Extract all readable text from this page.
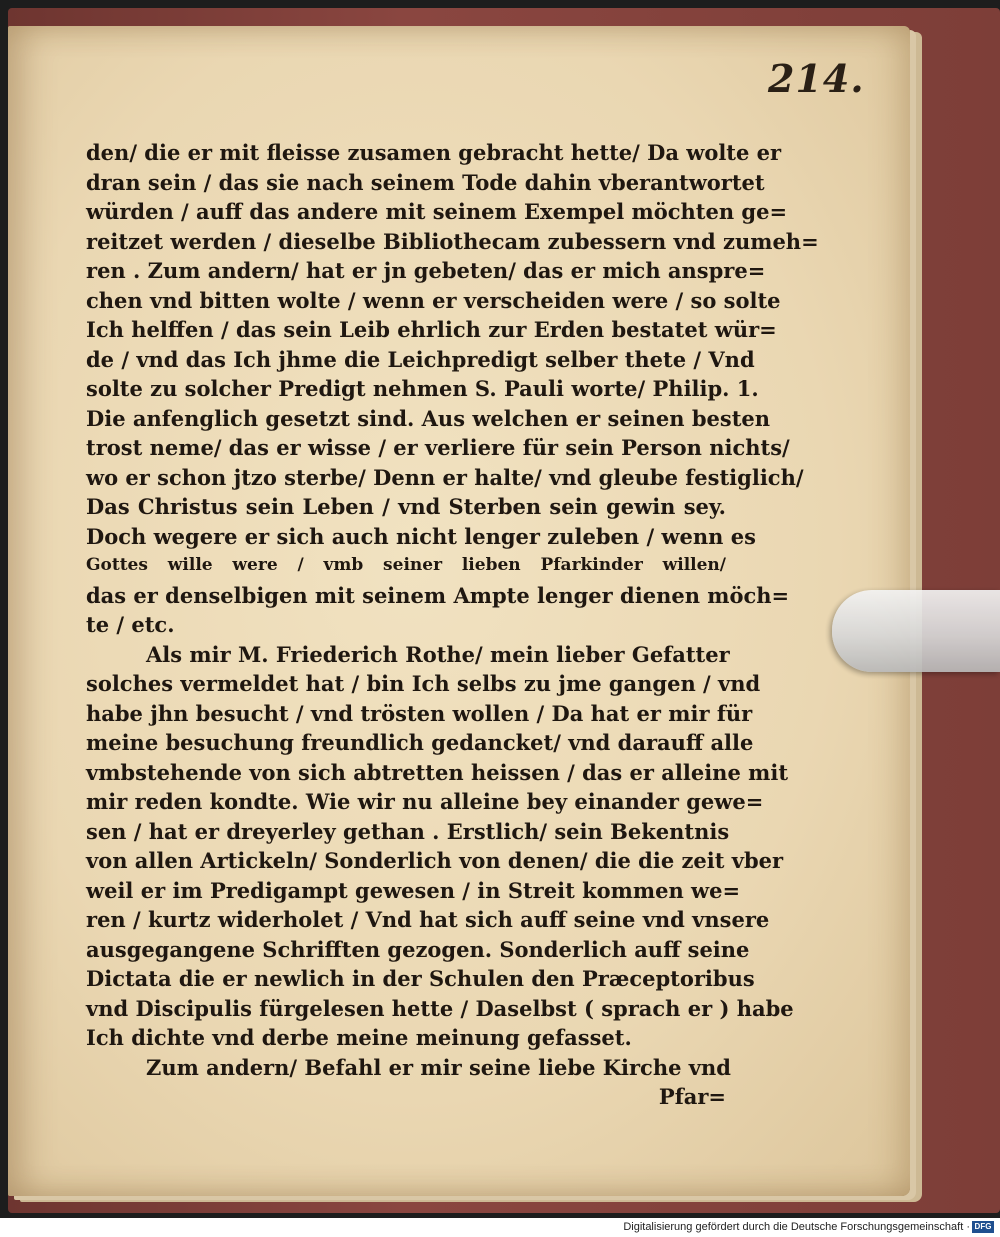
214.
den/ die er mit fleisse zusamen gebracht hette/ Da wolte er
dran sein / das sie nach seinem Tode dahin vberantwortet
würden / auff das andere mit seinem Exempel möchten ge=
reitzet werden / dieselbe Bibliothecam zubessern vnd zumeh=
ren . Zum andern/ hat er jn gebeten/ das er mich anspre=
chen vnd bitten wolte / wenn er verscheiden were / so solte
Ich helffen / das sein Leib ehrlich zur Erden bestatet wür=
de / vnd das Ich jhme die Leichpredigt selber thete / Vnd
solte zu solcher Predigt nehmen S. Pauli worte/ Philip. 1.
Die anfenglich gesetzt sind. Aus welchen er seinen besten
trost neme/ das er wisse / er verliere für sein Person nichts/
wo er schon jtzo sterbe/ Denn er halte/ vnd gleube festiglich/
Das Christus sein Leben / vnd Sterben sein gewin sey.
Doch wegere er sich auch nicht lenger zuleben / wenn es
Gottes wille were / vmb seiner lieben Pfarkinder willen/
das er denselbigen mit seinem Ampte lenger dienen möch=
te / etc.
Als mir M. Friederich Rothe/ mein lieber Gefatter
solches vermeldet hat / bin Ich selbs zu jme gangen / vnd
habe jhn besucht / vnd trösten wollen / Da hat er mir für
meine besuchung freundlich gedancket/ vnd darauff alle
vmbstehende von sich abtretten heissen / das er alleine mit
mir reden kondte. Wie wir nu alleine bey einander gewe=
sen / hat er dreyerley gethan . Erstlich/ sein Bekentnis
von allen Artickeln/ Sonderlich von denen/ die die zeit vber
weil er im Predigampt gewesen / in Streit kommen we=
ren / kurtz widerholet / Vnd hat sich auff seine vnd vnsere
ausgegangene Schrifften gezogen. Sonderlich auff seine
Dictata die er newlich in der Schulen den Præceptoribus
vnd Discipulis fürgelesen hette / Daselbst ( sprach er ) habe
Ich dichte vnd derbe meine meinung gefasset.
Zum andern/ Befahl er mir seine liebe Kirche vnd
Pfar=
Digitalisierung gefördert durch die Deutsche Forschungsgemeinschaft · DFG
